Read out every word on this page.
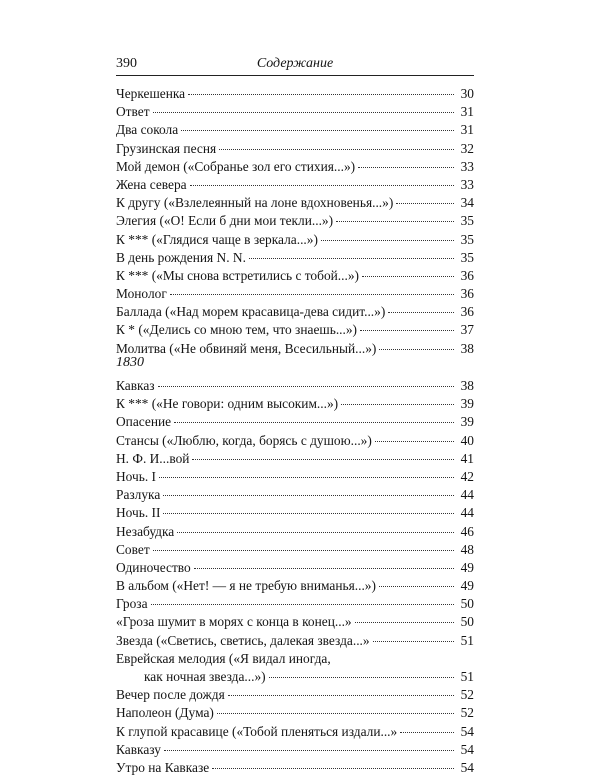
390	Содержание
Черкешенка	30
Ответ	31
Два сокола	31
Грузинская песня	32
Мой демон («Собранье зол его стихия...»)	33
Жена севера	33
К другу («Взлелеянный на лоне вдохновенья...»)	34
Элегия («О! Если б дни мои текли...»)	35
К *** («Глядися чаще в зеркала...»)	35
В день рождения N. N.	35
К *** («Мы снова встретились с тобой...»)	36
Монолог	36
Баллада («Над морем красавица-дева сидит...»)	36
К * («Делись со мною тем, что знаешь...»)	37
Молитва («Не обвиняй меня, Всесильный...»)	38
1830
Кавказ	38
К *** («Не говори: одним высоким...»)	39
Опасение	39
Стансы («Люблю, когда, борясь с душою...»)	40
Н. Ф. И...вой	41
Ночь. I	42
Разлука	44
Ночь. II	44
Незабудка	46
Совет	48
Одиночество	49
В альбом («Нет! — я не требую вниманья...»)	49
Гроза	50
«Гроза шумит в морях с конца в конец...»	50
Звезда («Светись, светись, далекая звезда...»	51
Еврейская мелодия («Я видал иногда,
как ночная звезда...»)	51
Вечер после дождя	52
Наполеон (Дума)	52
К глупой красавице («Тобой пленяться издали...»	54
Кавказу	54
Утро на Кавказе	54
